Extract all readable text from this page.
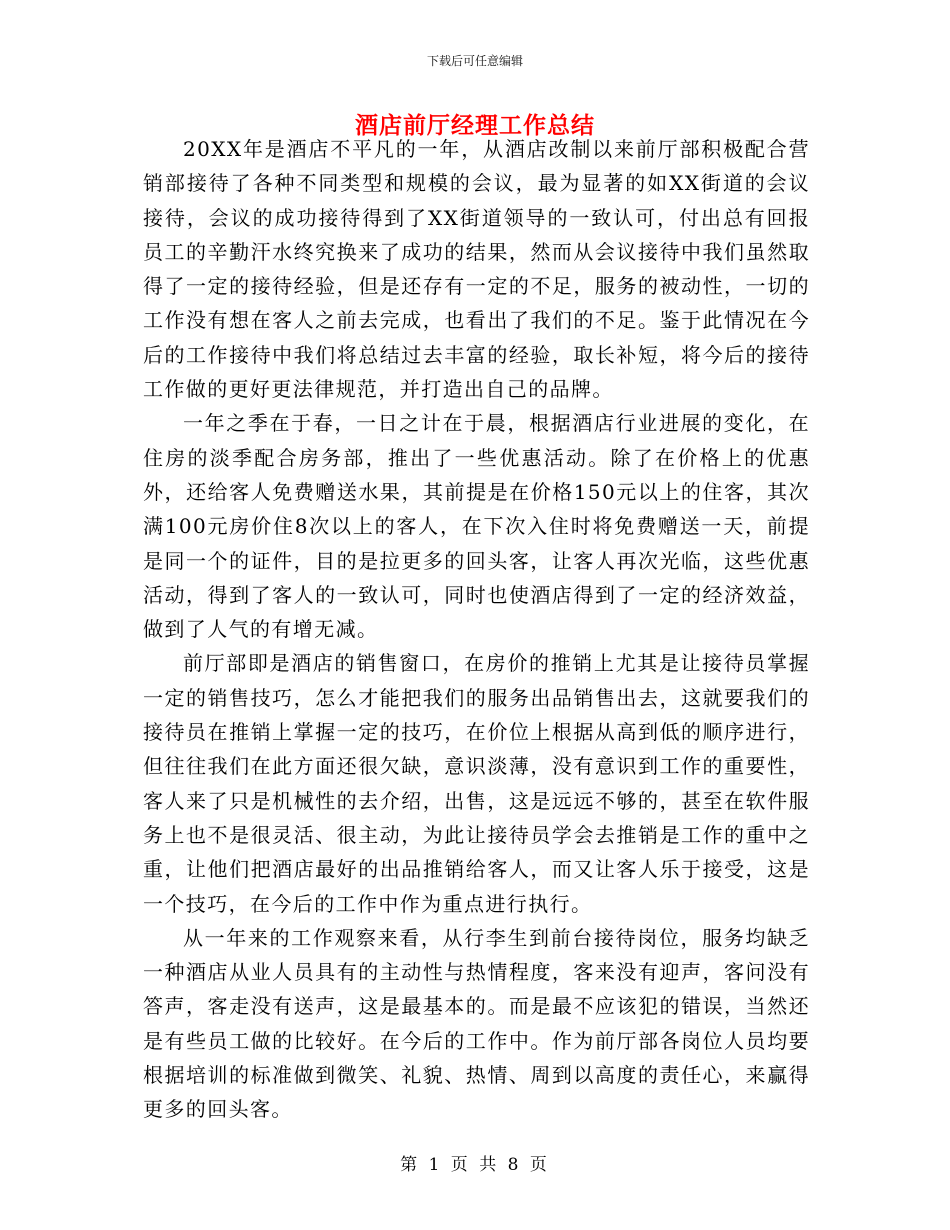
下载后可任意编辑
酒店前厅经理工作总结

20XX年是酒店不平凡的一年，从酒店改制以来前厅部积极配合营销部接待了各种不同类型和规模的会议，最为显著的如XX街道的会议接待，会议的成功接待得到了XX街道领导的一致认可，付出总有回报员工的辛勤汗水终究换来了成功的结果，然而从会议接待中我们虽然取得了一定的接待经验，但是还存有一定的不足，服务的被动性，一切的工作没有想在客人之前去完成，也看出了我们的不足。鉴于此情况在今后的工作接待中我们将总结过去丰富的经验，取长补短，将今后的接待工作做的更好更法律规范，并打造出自己的品牌。

一年之季在于春，一日之计在于晨，根据酒店行业进展的变化，在住房的淡季配合房务部，推出了一些优惠活动。除了在价格上的优惠外，还给客人免费赠送水果，其前提是在价格150元以上的住客，其次满100元房价住8次以上的客人，在下次入住时将免费赠送一天，前提是同一个的证件，目的是拉更多的回头客，让客人再次光临，这些优惠活动，得到了客人的一致认可，同时也使酒店得到了一定的经济效益，做到了人气的有增无减。

前厅部即是酒店的销售窗口，在房价的推销上尤其是让接待员掌握一定的销售技巧，怎么才能把我们的服务出品销售出去，这就要我们的接待员在推销上掌握一定的技巧，在价位上根据从高到低的顺序进行，但往往我们在此方面还很欠缺，意识淡薄，没有意识到工作的重要性，客人来了只是机械性的去介绍，出售，这是远远不够的，甚至在软件服务上也不是很灵活、很主动，为此让接待员学会去推销是工作的重中之重，让他们把酒店最好的出品推销给客人，而又让客人乐于接受，这是一个技巧，在今后的工作中作为重点进行执行。

从一年来的工作观察来看，从行李生到前台接待岗位，服务均缺乏一种酒店从业人员具有的主动性与热情程度，客来没有迎声，客问没有答声，客走没有送声，这是最基本的。而是最不应该犯的错误，当然还是有些员工做的比较好。在今后的工作中。作为前厅部各岗位人员均要根据培训的标准做到微笑、礼貌、热情、周到以高度的责任心，来赢得更多的回头客。

第 1 页 共 8 页
